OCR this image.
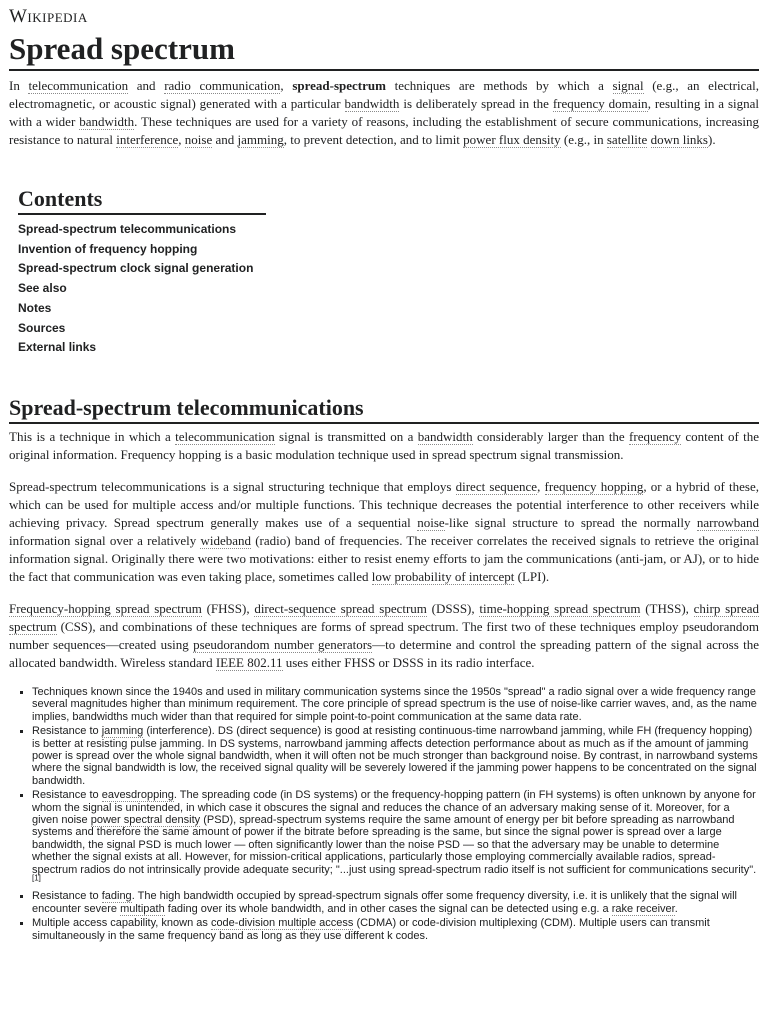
Wikipedia
Spread spectrum

In telecommunication and radio communication, spread-spectrum techniques are methods by which a signal (e.g., an electrical, electromagnetic, or acoustic signal) generated with a particular bandwidth is deliberately spread in the frequency domain, resulting in a signal with a wider bandwidth. These techniques are used for a variety of reasons, including the establishment of secure communications, increasing resistance to natural interference, noise and jamming, to prevent detection, and to limit power flux density (e.g., in satellite down links).

Contents
Spread-spectrum telecommunications
Invention of frequency hopping
Spread-spectrum clock signal generation
See also
Notes
Sources
External links
Spread-spectrum telecommunications

This is a technique in which a telecommunication signal is transmitted on a bandwidth considerably larger than the frequency content of the original information. Frequency hopping is a basic modulation technique used in spread spectrum signal transmission.

Spread-spectrum telecommunications is a signal structuring technique that employs direct sequence, frequency hopping, or a hybrid of these, which can be used for multiple access and/or multiple functions. This technique decreases the potential interference to other receivers while achieving privacy. Spread spectrum generally makes use of a sequential noise-like signal structure to spread the normally narrowband information signal over a relatively wideband (radio) band of frequencies. The receiver correlates the received signals to retrieve the original information signal. Originally there were two motivations: either to resist enemy efforts to jam the communications (anti-jam, or AJ), or to hide the fact that communication was even taking place, sometimes called low probability of intercept (LPI).

Frequency-hopping spread spectrum (FHSS), direct-sequence spread spectrum (DSSS), time-hopping spread spectrum (THSS), chirp spread spectrum (CSS), and combinations of these techniques are forms of spread spectrum. The first two of these techniques employ pseudorandom number sequences—created using pseudorandom number generators—to determine and control the spreading pattern of the signal across the allocated bandwidth. Wireless standard IEEE 802.11 uses either FHSS or DSSS in its radio interface.

▪ Techniques known since the 1940s and used in military communication systems since the 1950s "spread" a radio signal over a wide frequency range several magnitudes higher than minimum requirement. The core principle of spread spectrum is the use of noise-like carrier waves, and, as the name implies, bandwidths much wider than that required for simple point-to-point communication at the same data rate.
▪ Resistance to jamming (interference). DS (direct sequence) is good at resisting continuous-time narrowband jamming, while FH (frequency hopping) is better at resisting pulse jamming. In DS systems, narrowband jamming affects detection performance about as much as if the amount of jamming power is spread over the whole signal bandwidth, when it will often not be much stronger than background noise. By contrast, in narrowband systems where the signal bandwidth is low, the received signal quality will be severely lowered if the jamming power happens to be concentrated on the signal bandwidth.
▪ Resistance to eavesdropping. The spreading code (in DS systems) or the frequency-hopping pattern (in FH systems) is often unknown by anyone for whom the signal is unintended, in which case it obscures the signal and reduces the chance of an adversary making sense of it. Moreover, for a given noise power spectral density (PSD), spread-spectrum systems require the same amount of energy per bit before spreading as narrowband systems and therefore the same amount of power if the bitrate before spreading is the same, but since the signal power is spread over a large bandwidth, the signal PSD is much lower — often significantly lower than the noise PSD — so that the adversary may be unable to determine whether the signal exists at all. However, for mission-critical applications, particularly those employing commercially available radios, spread-spectrum radios do not intrinsically provide adequate security; "...just using spread-spectrum radio itself is not sufficient for communications security".[1]
▪ Resistance to fading. The high bandwidth occupied by spread-spectrum signals offer some frequency diversity, i.e. it is unlikely that the signal will encounter severe multipath fading over its whole bandwidth, and in other cases the signal can be detected using e.g. a rake receiver.
▪ Multiple access capability, known as code-division multiple access (CDMA) or code-division multiplexing (CDM). Multiple users can transmit simultaneously in the same frequency band as long as they use different k codes.
